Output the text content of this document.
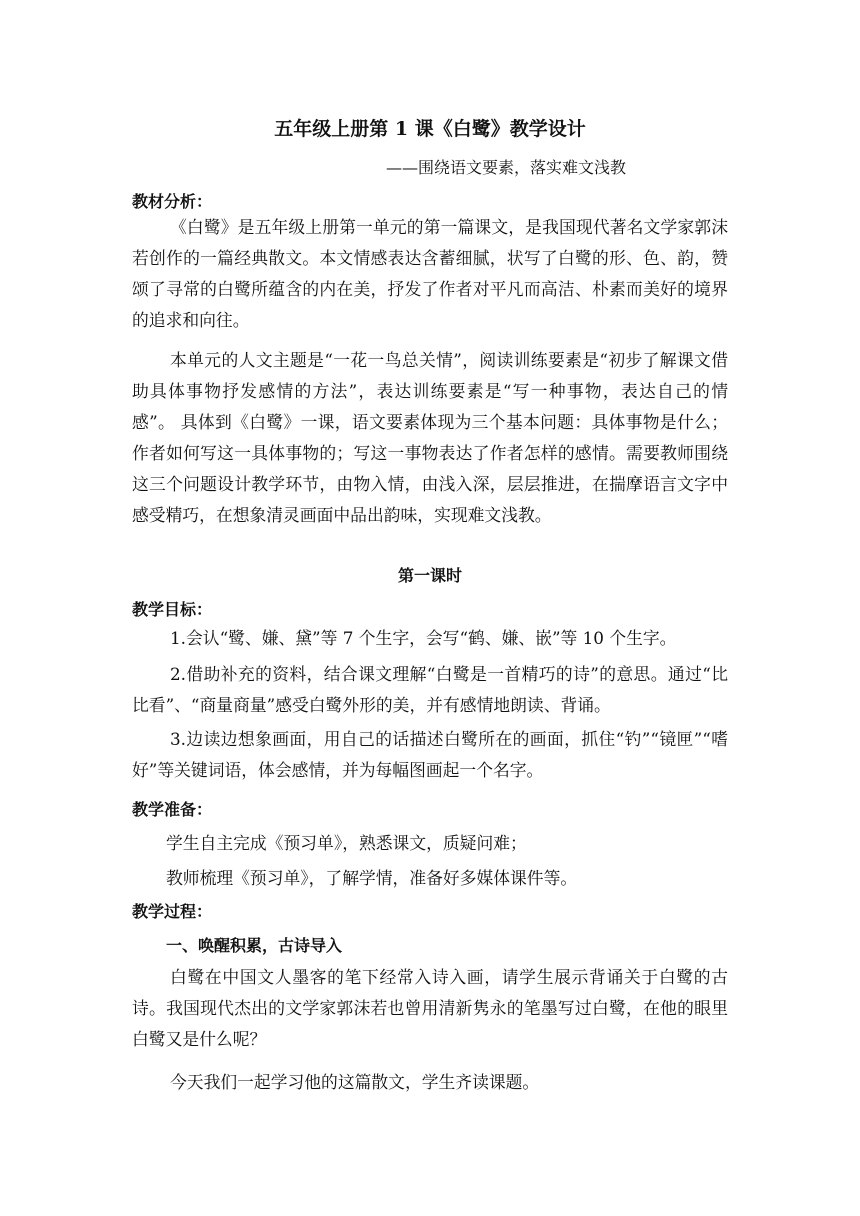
五年级上册第 1 课《白鹭》教学设计
——围绕语文要素，落实难文浅教
教材分析：
《白鹭》是五年级上册第一单元的第一篇课文，是我国现代著名文学家郭沫若创作的一篇经典散文。本文情感表达含蓄细腻，状写了白鹭的形、色、韵，赞颂了寻常的白鹭所蕴含的内在美，抒发了作者对平凡而高洁、朴素而美好的境界的追求和向往。
本单元的人文主题是“一花一鸟总关情”，阅读训练要素是“初步了解课文借助具体事物抒发感情的方法”，表达训练要素是“写一种事物，表达自己的情感”。 具体到《白鹭》一课，语文要素体现为三个基本问题：具体事物是什么；作者如何写这一具体事物的；写这一事物表达了作者怎样的感情。需要教师围绕这三个问题设计教学环节，由物入情，由浅入深，层层推进，在揣摩语言文字中感受精巧，在想象清灵画面中品出韵味，实现难文浅教。
第一课时
教学目标：
1.会认“鹭、嫌、黛”等 7 个生字，会写“鹤、嫌、嵌”等 10 个生字。
2.借助补充的资料，结合课文理解“白鹭是一首精巧的诗”的意思。通过“比比看”、“商量商量”感受白鹭外形的美，并有感情地朗读、背诵。
3.边读边想象画面，用自己的话描述白鹭所在的画面，抓住“钓”“镜匣”“嗜好”等关键词语，体会感情，并为每幅图画起一个名字。
教学准备：
学生自主完成《预习单》，熟悉课文，质疑问难；
教师梳理《预习单》，了解学情，准备好多媒体课件等。
教学过程：
一、唤醒积累，古诗导入
白鹭在中国文人墨客的笔下经常入诗入画，请学生展示背诵关于白鹭的古诗。我国现代杰出的文学家郭沫若也曾用清新隽永的笔墨写过白鹭，在他的眼里白鹭又是什么呢？
今天我们一起学习他的这篇散文，学生齐读课题。
